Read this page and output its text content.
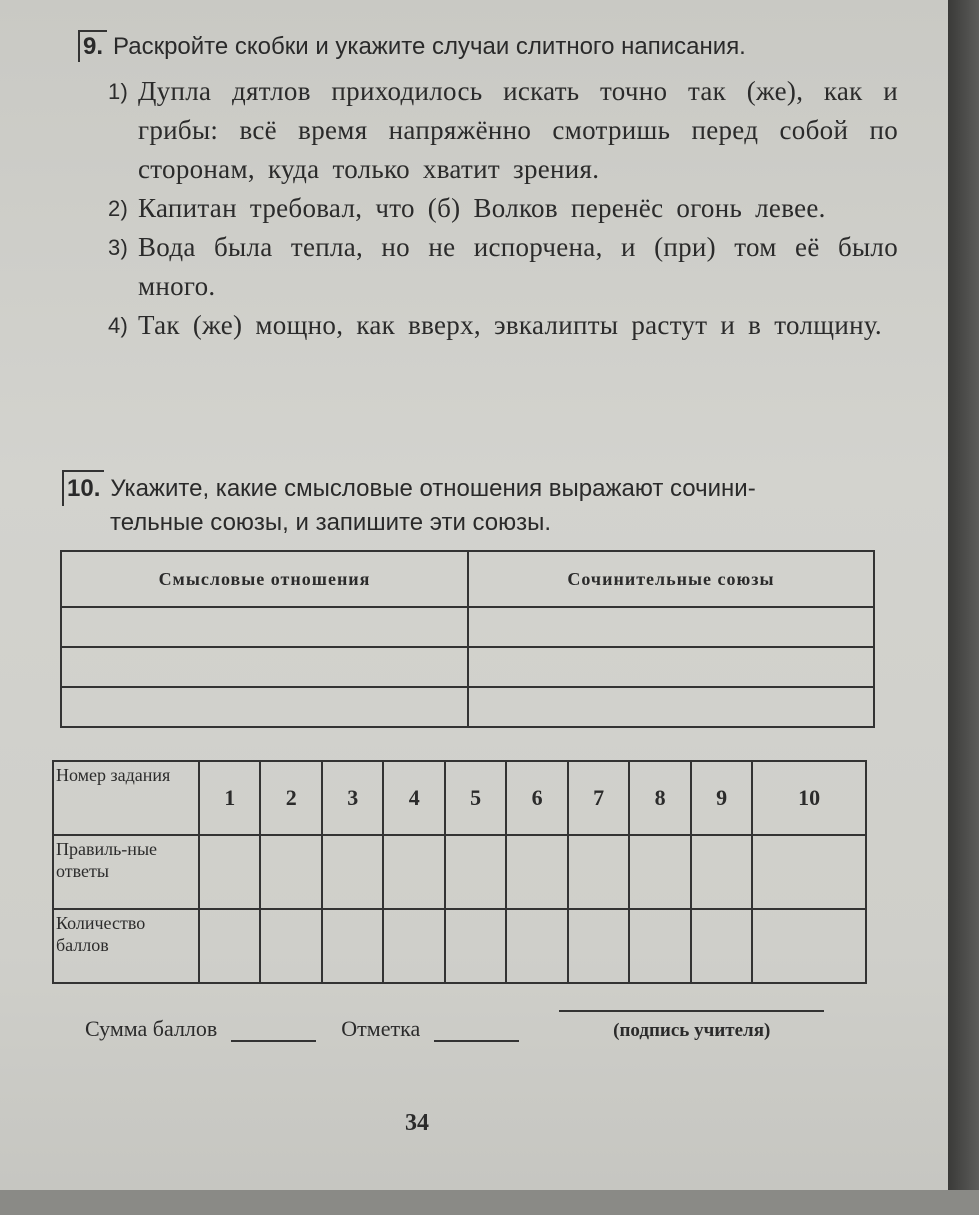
9. Раскройте скобки и укажите случаи слитного написания.
1) Дупла дятлов приходилось искать точно так (же), как и грибы: всё время напряжённо смотришь перед собой по сторонам, куда только хватит зрения.
2) Капитан требовал, что (б) Волков перенёс огонь левее.
3) Вода была тепла, но не испорчена, и (при) том её было много.
4) Так (же) мощно, как вверх, эвкалипты растут и в толщину.
10. Укажите, какие смысловые отношения выражают сочини-
тельные союзы, и запишите эти союзы.
Смысловые отношения	Сочинительные союзы

Номер задания	1	2	3	4	5	6	7	8	9	10
Правиль-ные ответы										
Количество баллов										
Сумма баллов	Отметка	(подпись учителя)
34
